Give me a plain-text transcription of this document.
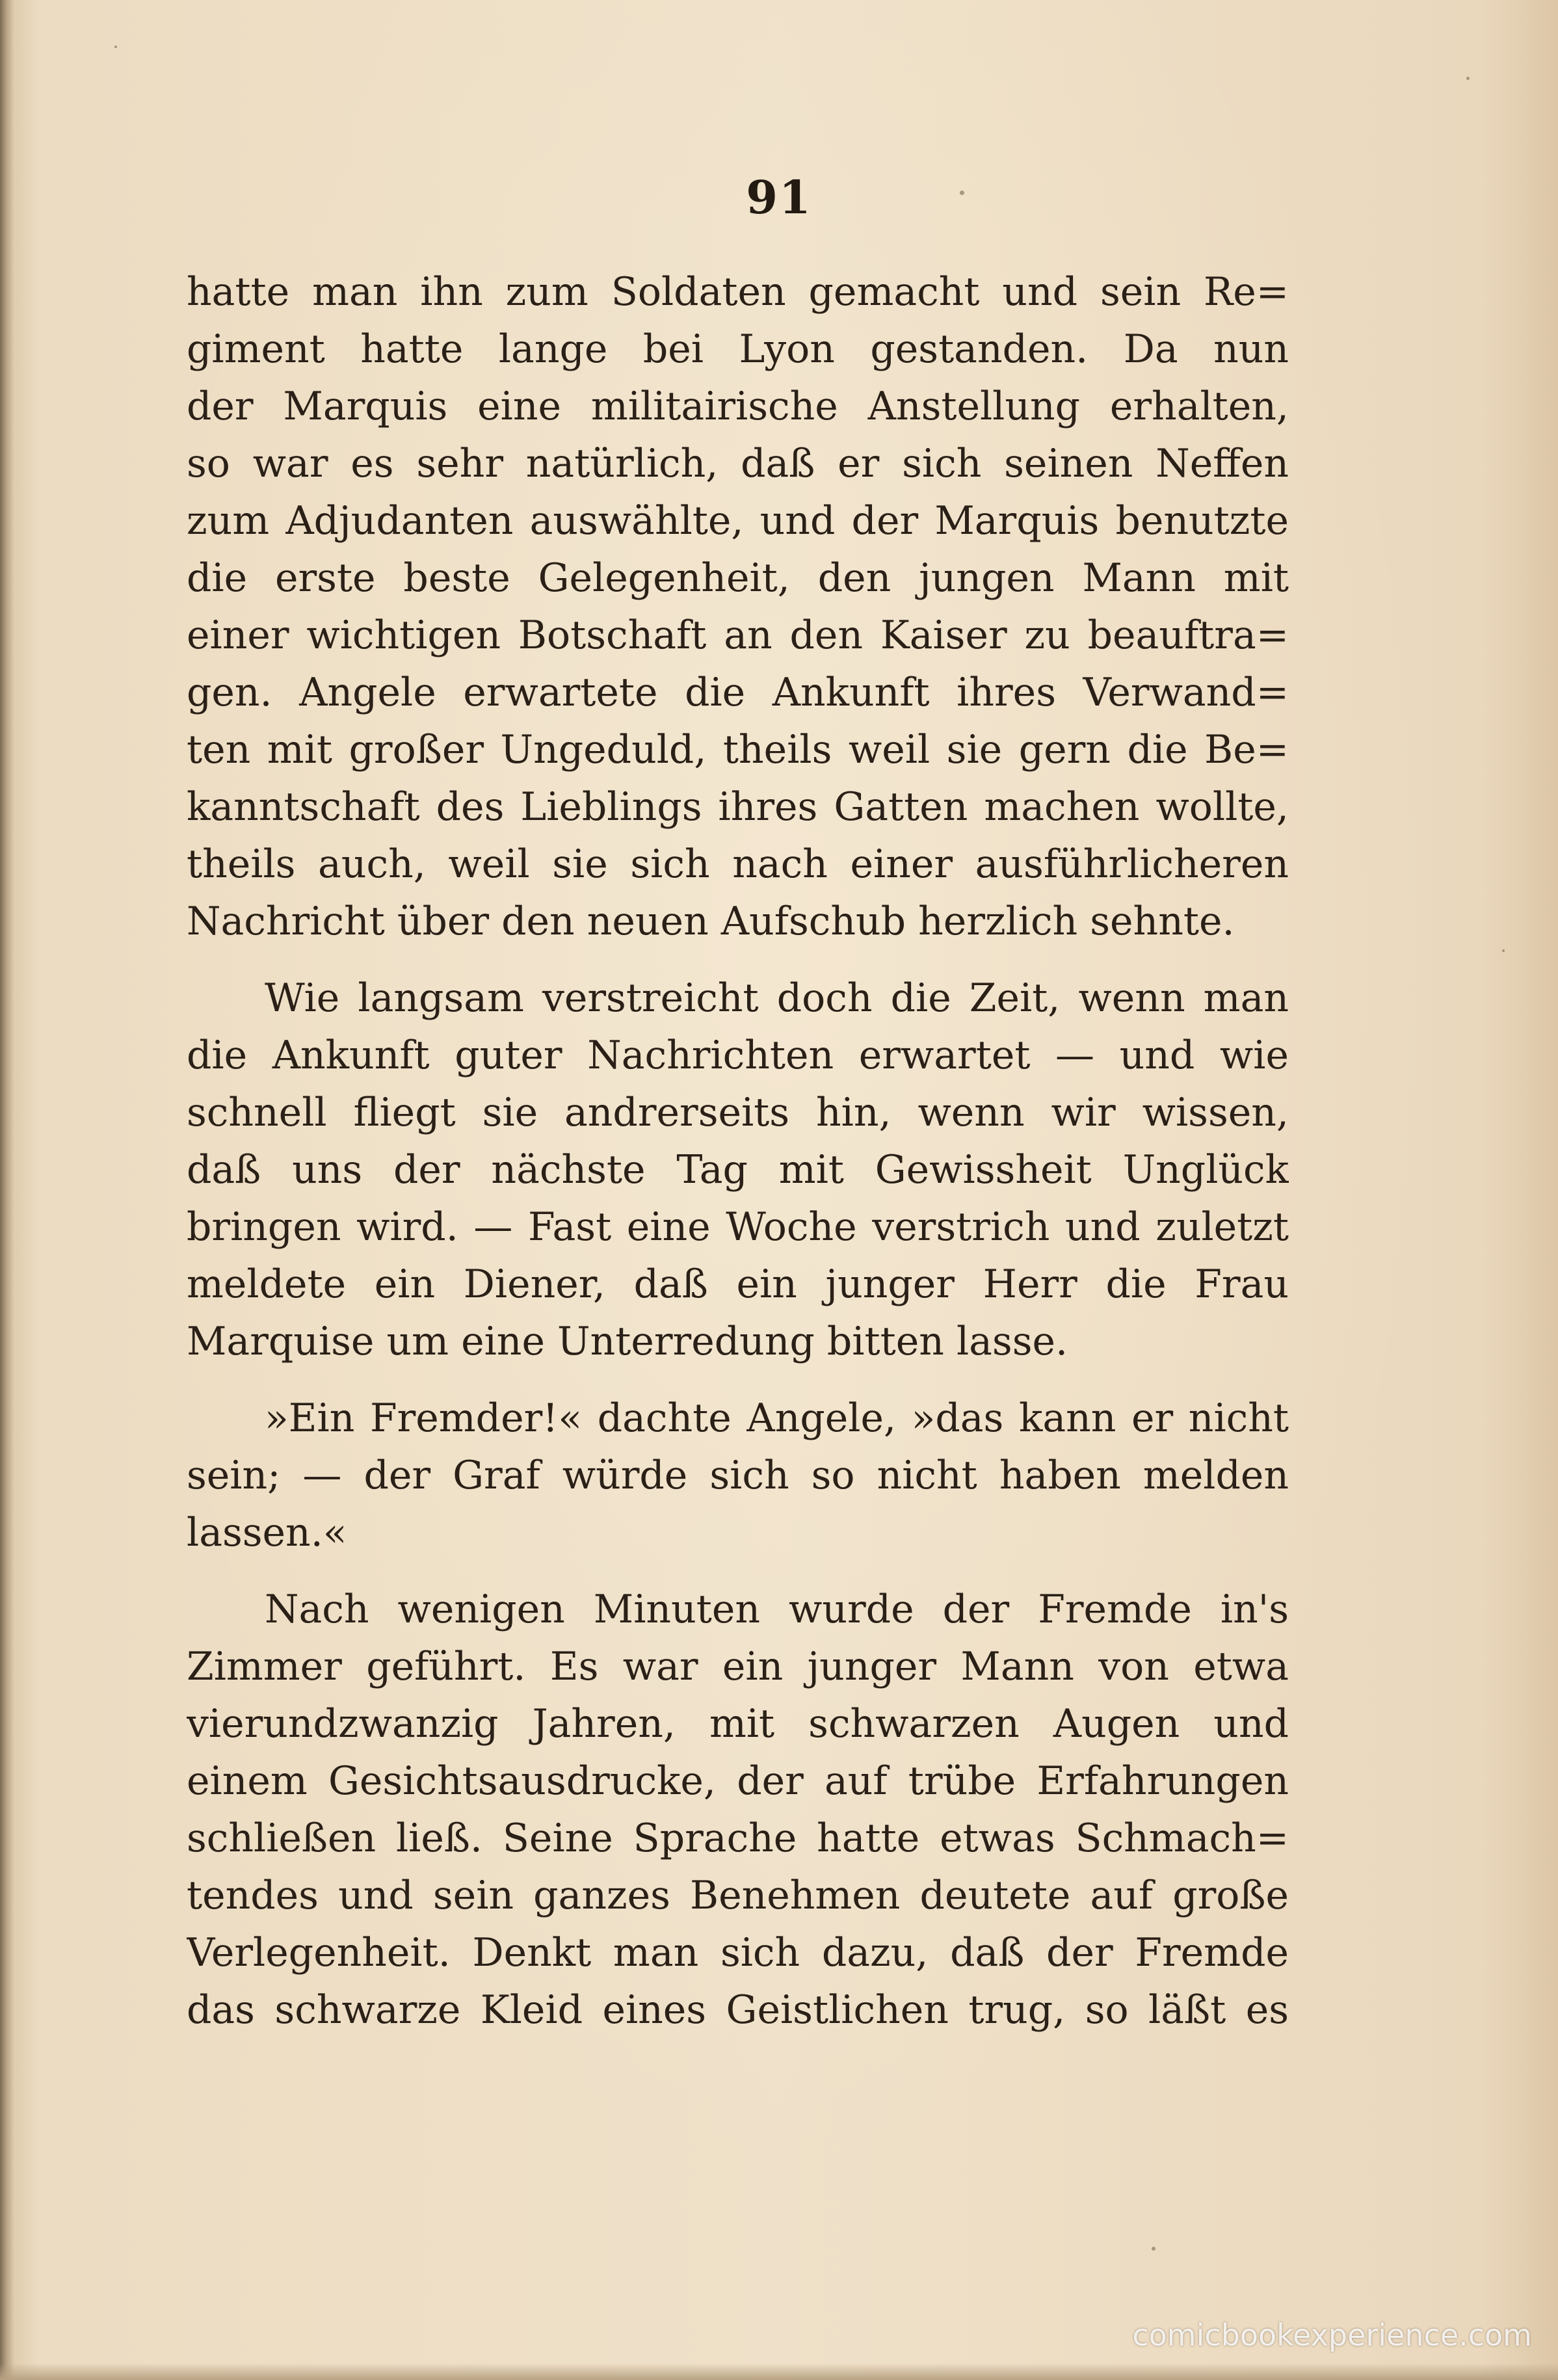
91
hatte man ihn zum Soldaten gemacht und sein Re=
giment hatte lange bei Lyon gestanden. Da nun
der Marquis eine militairische Anstellung erhalten,
so war es sehr natürlich, daß er sich seinen Neffen
zum Adjudanten auswählte, und der Marquis benutzte
die erste beste Gelegenheit, den jungen Mann mit
einer wichtigen Botschaft an den Kaiser zu beauftra=
gen. Angele erwartete die Ankunft ihres Verwand=
ten mit großer Ungeduld, theils weil sie gern die Be=
kanntschaft des Lieblings ihres Gatten machen wollte,
theils auch, weil sie sich nach einer ausführlicheren
Nachricht über den neuen Aufschub herzlich sehnte.
Wie langsam verstreicht doch die Zeit, wenn man
die Ankunft guter Nachrichten erwartet — und wie
schnell fliegt sie andrerseits hin, wenn wir wissen,
daß uns der nächste Tag mit Gewissheit Unglück
bringen wird. — Fast eine Woche verstrich und zuletzt
meldete ein Diener, daß ein junger Herr die Frau
Marquise um eine Unterredung bitten lasse.
»Ein Fremder!« dachte Angele, »das kann er nicht
sein; — der Graf würde sich so nicht haben melden
lassen.«
Nach wenigen Minuten wurde der Fremde in's
Zimmer geführt. Es war ein junger Mann von etwa
vierundzwanzig Jahren, mit schwarzen Augen und
einem Gesichtsausdrucke, der auf trübe Erfahrungen
schließen ließ. Seine Sprache hatte etwas Schmach=
tendes und sein ganzes Benehmen deutete auf große
Verlegenheit. Denkt man sich dazu, daß der Fremde
das schwarze Kleid eines Geistlichen trug, so läßt es
comicbookexperience.com
